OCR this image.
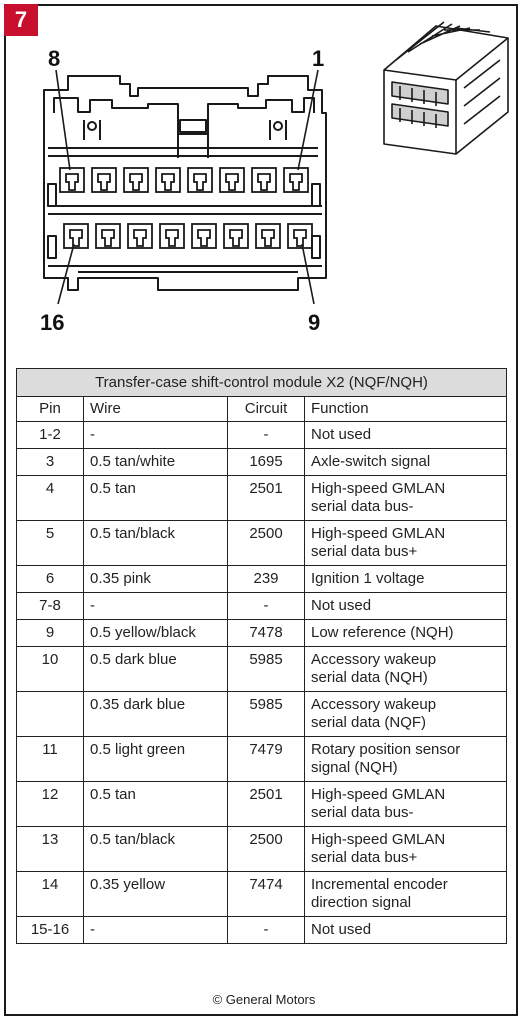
7
8	1
16	9
Transfer-case shift-control module X2 (NQF/NQH)			
Pin	Wire	Circuit	Function
1-2	-	-	Not used

3	0.5 tan/white	1695	Axle-switch signal

4	0.5 tan	2501	High-speed GMLAN
serial data bus-

5	0.5 tan/black	2500	High-speed GMLAN
serial data bus+

6	0.35 pink	239	Ignition 1 voltage

7-8	-	-	Not used

9	0.5 yellow/black	7478	Low reference (NQH)

10	0.5 dark blue	5985	Accessory wakeup
serial data (NQH)

	0.35 dark blue	5985	Accessory wakeup
serial data (NQF)

11	0.5 light green	7479	Rotary position sensor
signal (NQH)

12	0.5 tan	2501	High-speed GMLAN
serial data bus-

13	0.5 tan/black	2500	High-speed GMLAN
serial data bus+

14	0.35 yellow	7474	Incremental encoder
direction signal

15-16	-	-	Not used
© General Motors
